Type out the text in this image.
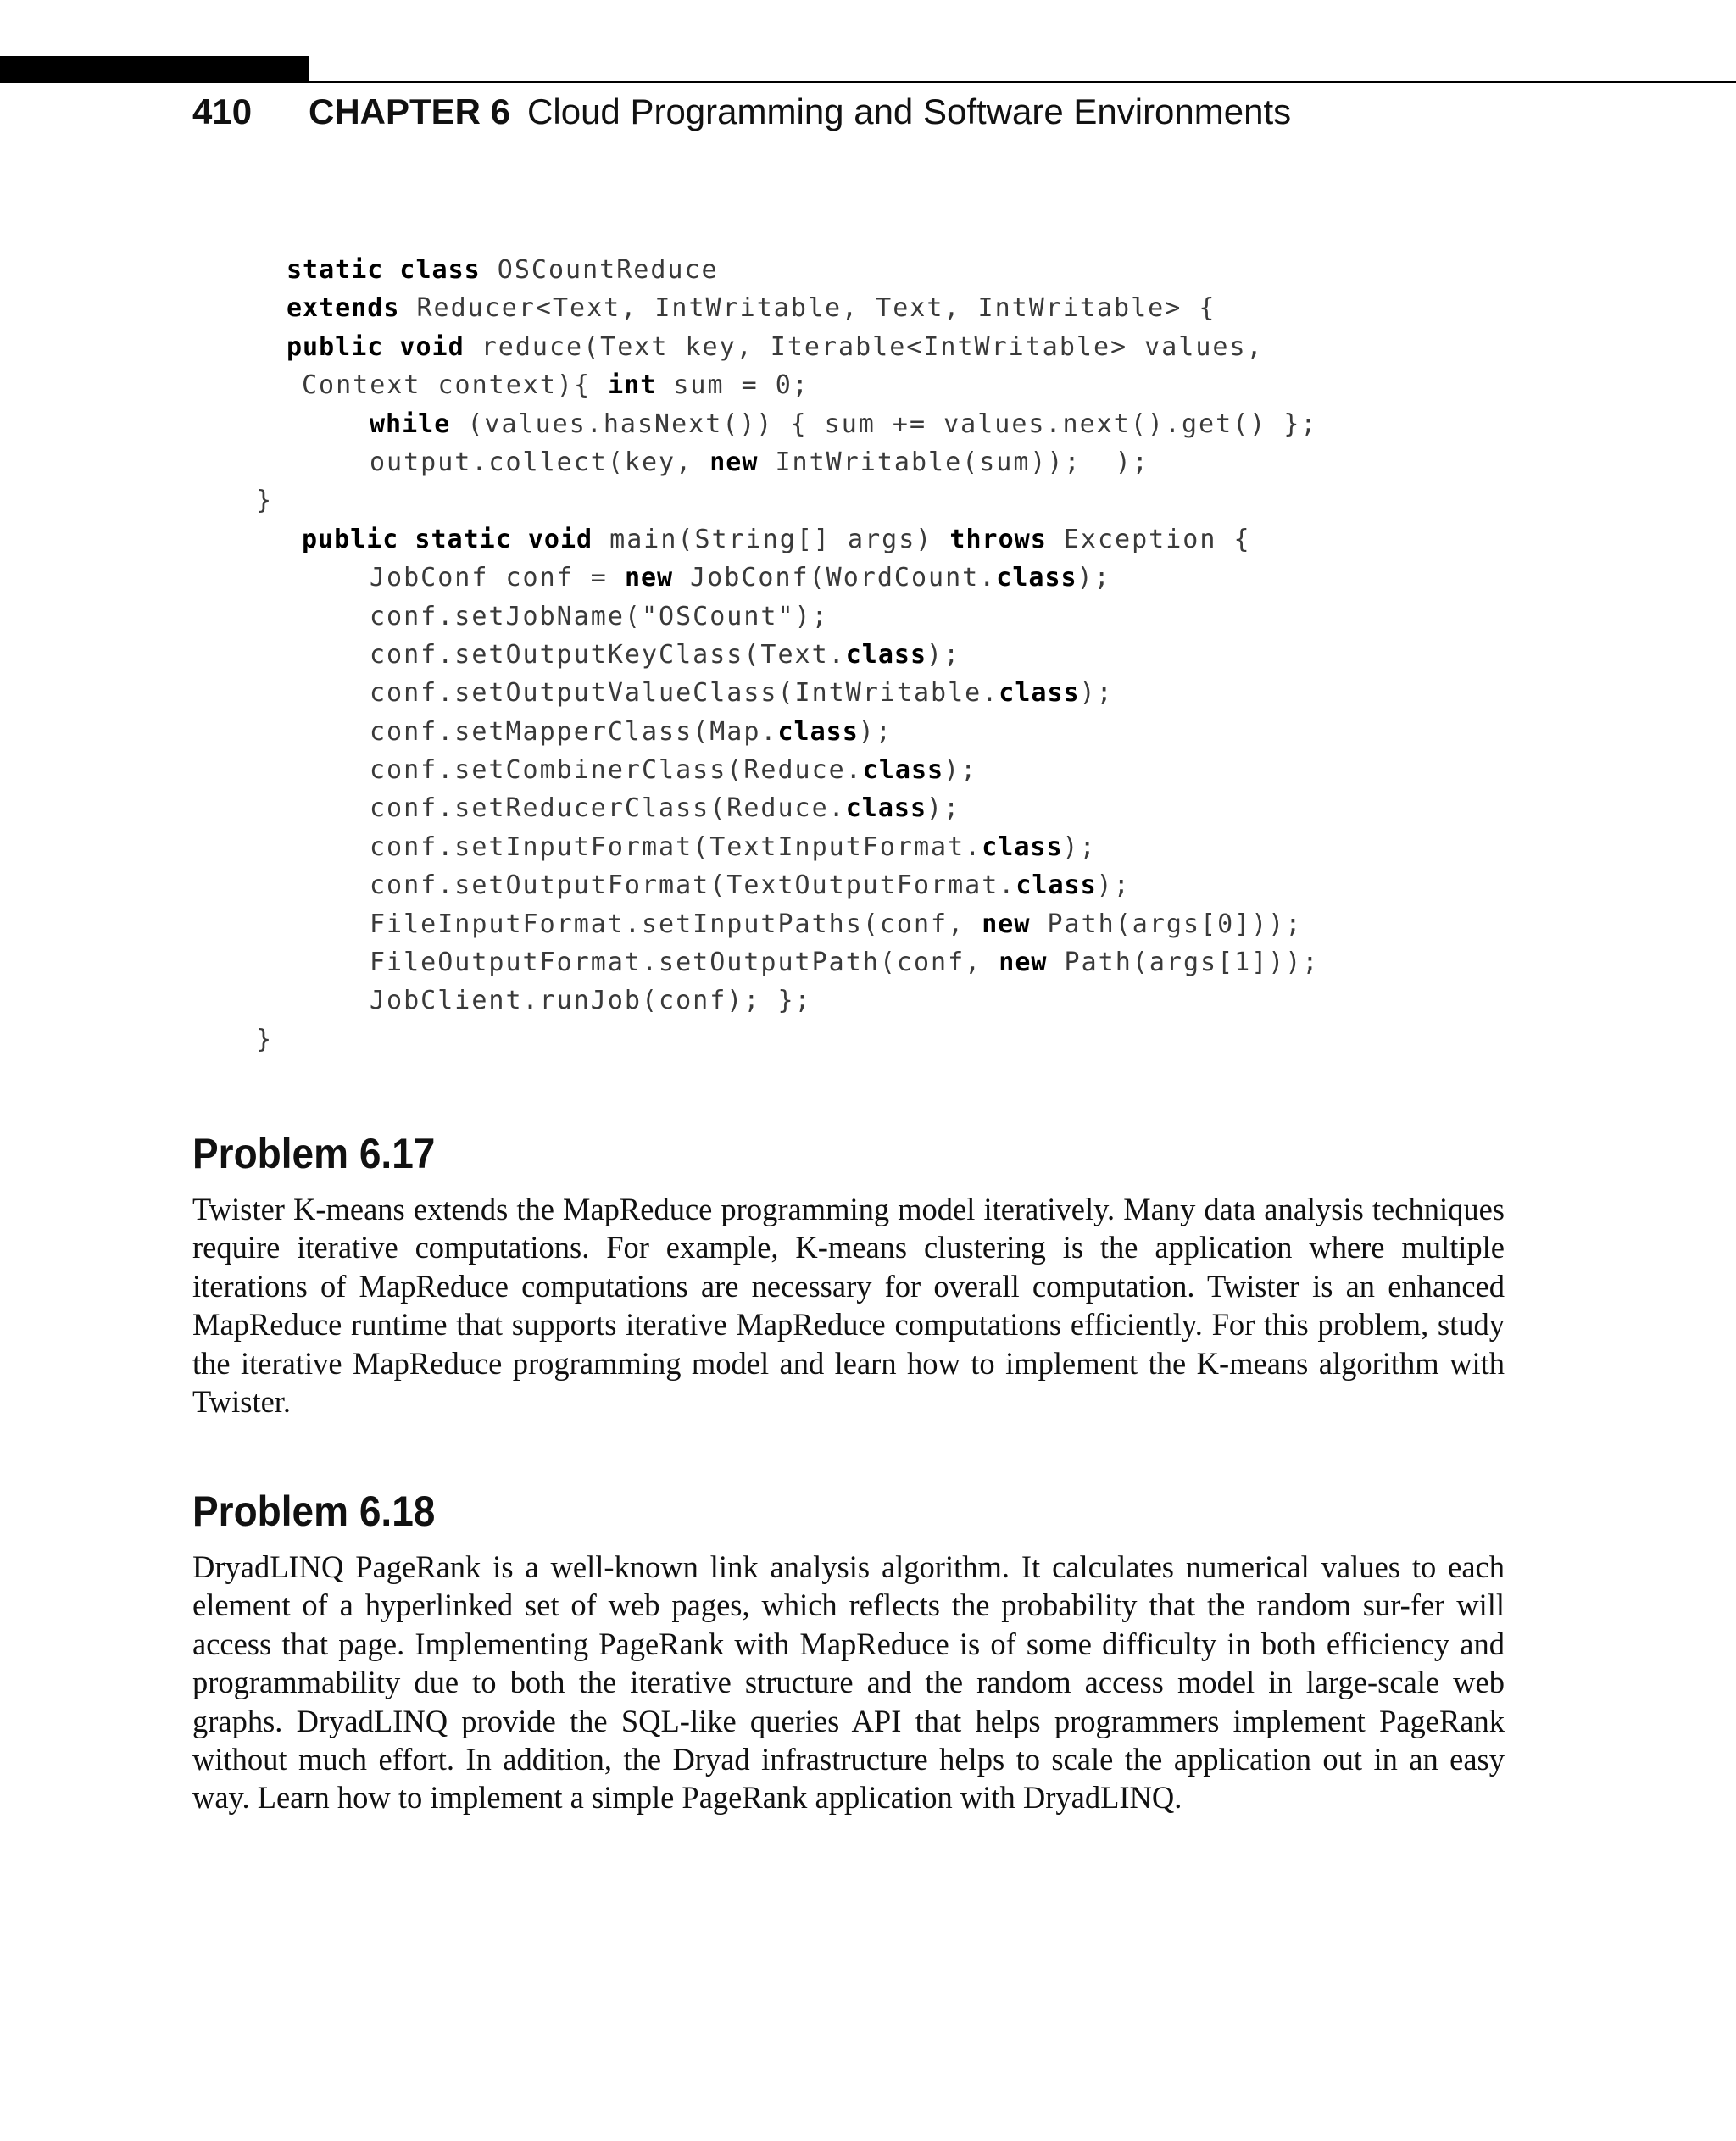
410	CHAPTER 6 Cloud Programming and Software Environments
static class OSCountReduce
extends Reducer<Text, IntWritable, Text, IntWritable> {
public void reduce(Text key, Iterable<IntWritable> values,
Context context){ int sum = 0;
while (values.hasNext()) { sum += values.next().get() };
output.collect(key, new IntWritable(sum));  );
}
public static void main(String[] args) throws Exception {
JobConf conf = new JobConf(WordCount.class);
conf.setJobName("OSCount");
conf.setOutputKeyClass(Text.class);
conf.setOutputValueClass(IntWritable.class);
conf.setMapperClass(Map.class);
conf.setCombinerClass(Reduce.class);
conf.setReducerClass(Reduce.class);
conf.setInputFormat(TextInputFormat.class);
conf.setOutputFormat(TextOutputFormat.class);
FileInputFormat.setInputPaths(conf, new Path(args[0]));
FileOutputFormat.setOutputPath(conf, new Path(args[1]));
JobClient.runJob(conf); };
}
Problem 6.17

Twister K-means extends the MapReduce programming model iteratively. Many data analysis techniques require iterative computations. For example, K-means clustering is the application where multiple iterations of MapReduce computations are necessary for overall computation. Twister is an enhanced MapReduce runtime that supports iterative MapReduce computations efficiently. For this problem, study the iterative MapReduce programming model and learn how to implement the K-means algorithm with Twister.

Problem 6.18

DryadLINQ PageRank is a well-known link analysis algorithm. It calculates numerical values to each element of a hyperlinked set of web pages, which reflects the probability that the random sur-fer will access that page. Implementing PageRank with MapReduce is of some difficulty in both efficiency and programmability due to both the iterative structure and the random access model in large-scale web graphs. DryadLINQ provide the SQL-like queries API that helps programmers implement PageRank without much effort. In addition, the Dryad infrastructure helps to scale the application out in an easy way. Learn how to implement a simple PageRank application with DryadLINQ.
